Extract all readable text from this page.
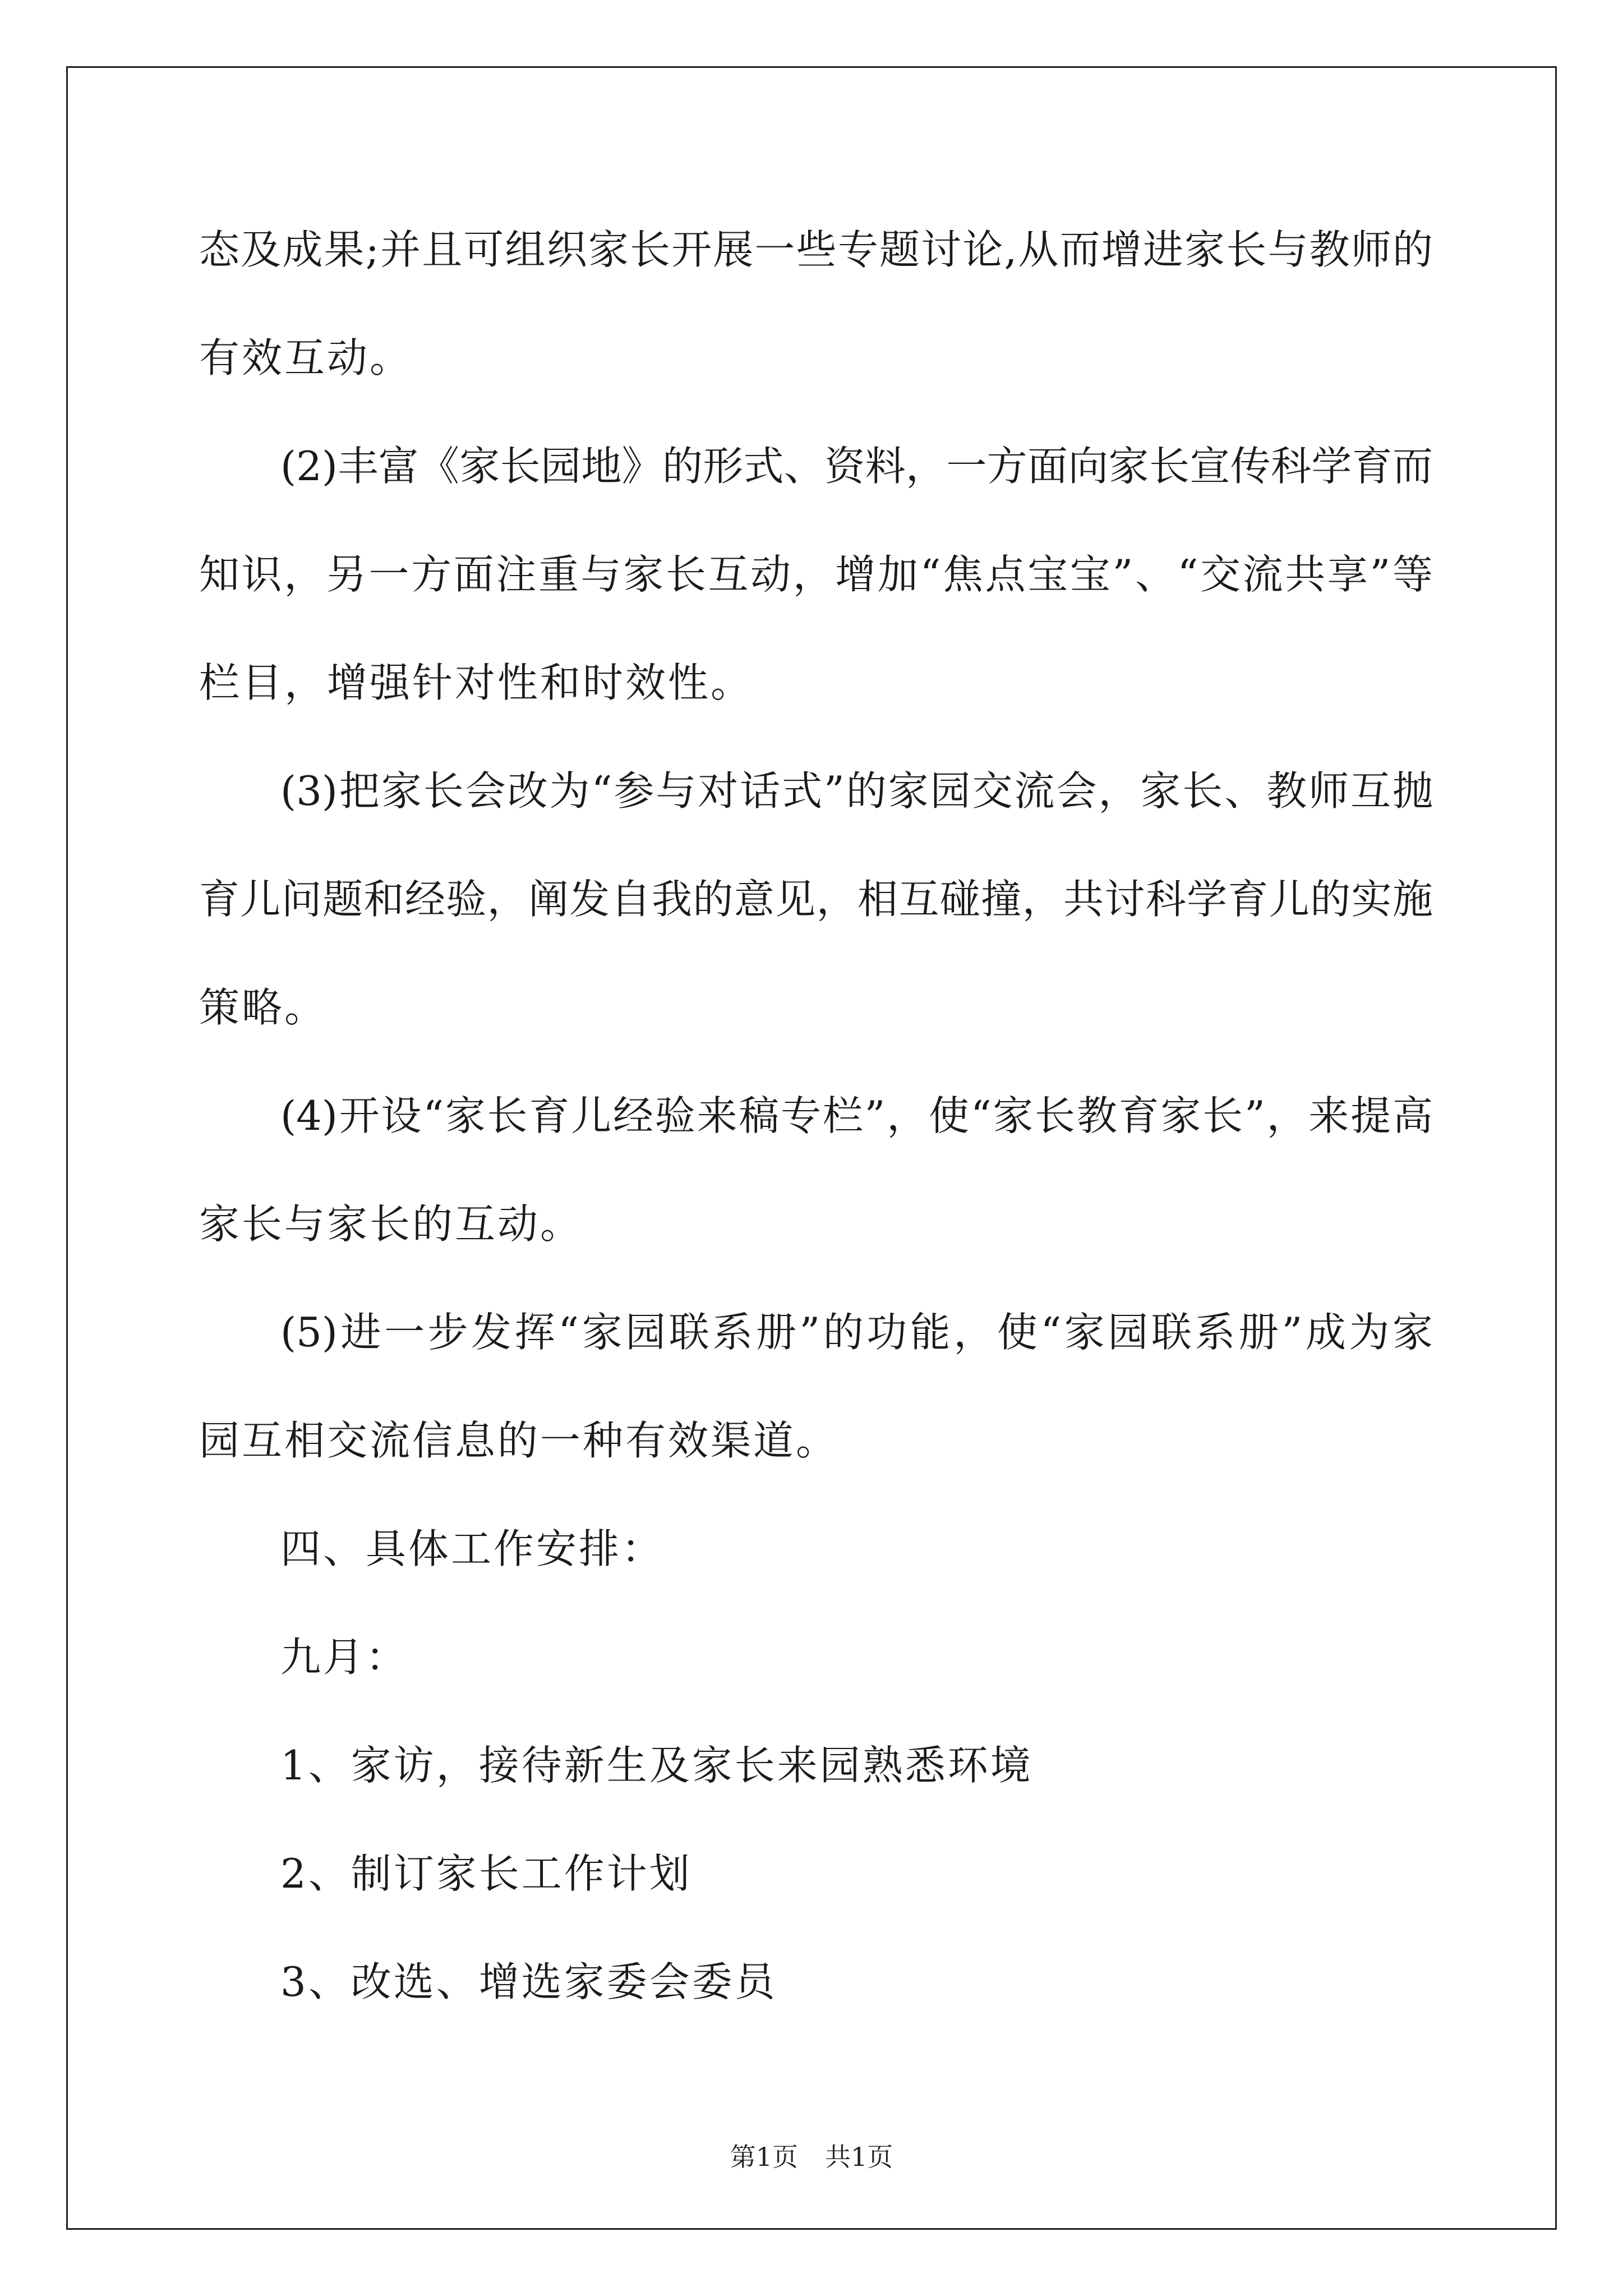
态及成果;并且可组织家长开展一些专题讨论,从而增进家长与教师的
有效互动。
(2)丰富《家长园地》的形式、资料，一方面向家长宣传科学育而
知识，另一方面注重与家长互动，增加“焦点宝宝”、“交流共享”等
栏目，增强针对性和时效性。
(3)把家长会改为“参与对话式”的家园交流会，家长、教师互抛
育儿问题和经验，阐发自我的意见，相互碰撞，共讨科学育儿的实施
策略。
(4)开设“家长育儿经验来稿专栏”，使“家长教育家长”，来提高
家长与家长的互动。
(5)进一步发挥“家园联系册”的功能，使“家园联系册”成为家
园互相交流信息的一种有效渠道。
四、具体工作安排：
九月：
1、家访，接待新生及家长来园熟悉环境
2、制订家长工作计划
3、改选、增选家委会委员
第1页 共1页
